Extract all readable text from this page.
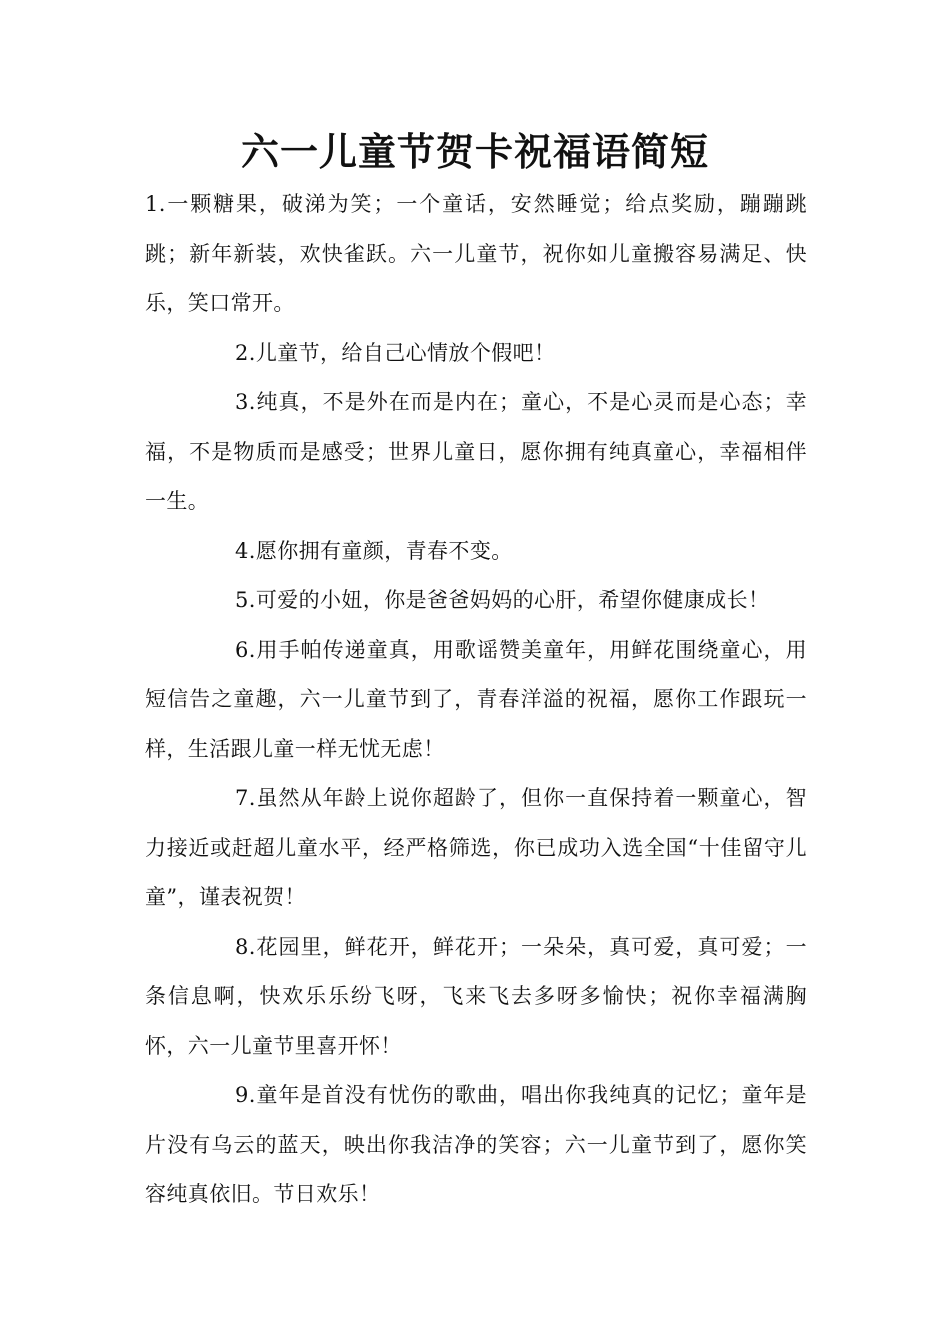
六一儿童节贺卡祝福语简短

1.一颗糖果，破涕为笑；一个童话，安然睡觉；给点奖励，蹦蹦跳跳；新年新装，欢快雀跃。六一儿童节，祝你如儿童搬容易满足、快乐，笑口常开。

2.儿童节，给自己心情放个假吧！

3.纯真，不是外在而是内在；童心，不是心灵而是心态；幸福，不是物质而是感受；世界儿童日，愿你拥有纯真童心，幸福相伴一生。

4.愿你拥有童颜，青春不变。

5.可爱的小妞，你是爸爸妈妈的心肝，希望你健康成长！

6.用手帕传递童真，用歌谣赞美童年，用鲜花围绕童心，用短信告之童趣，六一儿童节到了，青春洋溢的祝福，愿你工作跟玩一样，生活跟儿童一样无忧无虑！

7.虽然从年龄上说你超龄了，但你一直保持着一颗童心，智力接近或赶超儿童水平，经严格筛选，你已成功入选全国“十佳留守儿童”，谨表祝贺！

8.花园里，鲜花开，鲜花开；一朵朵，真可爱，真可爱；一条信息啊，快欢乐乐纷飞呀，飞来飞去多呀多愉快；祝你幸福满胸怀，六一儿童节里喜开怀！

9.童年是首没有忧伤的歌曲，唱出你我纯真的记忆；童年是片没有乌云的蓝天，映出你我洁净的笑容；六一儿童节到了，愿你笑容纯真依旧。节日欢乐！
